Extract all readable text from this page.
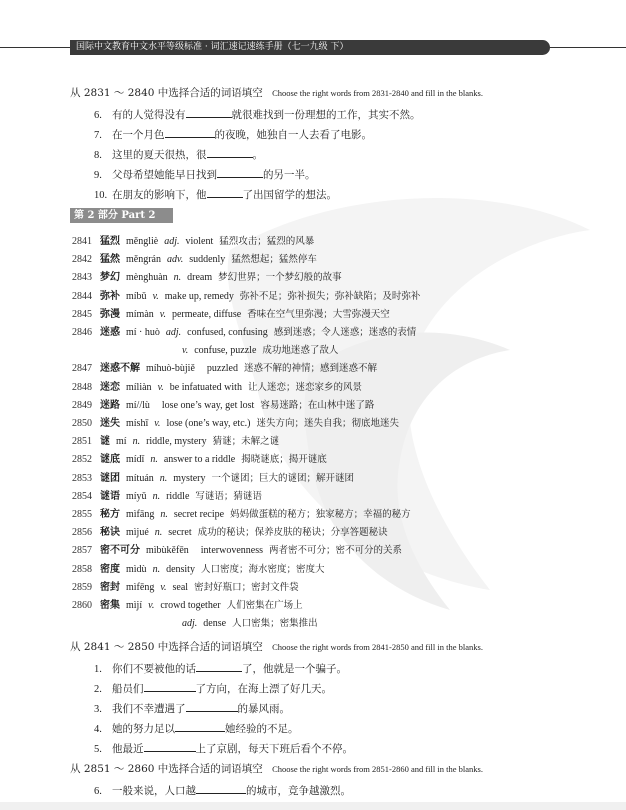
国际中文教育中文水平等级标准 · 词汇速记速练手册（七一九级 下）
从 2831 ～ 2840 中选择合适的词语填空 Choose the right words from 2831-2840 and fill in the blanks.
6. 有的人觉得没有	就很难找到一份理想的工作，其实不然。
7. 在一个月色	的夜晚，她独自一人去看了电影。
8. 这里的夏天很热，很	。
9. 父母希望她能早日找到	的另一半。
10. 在朋友的影响下，他	了出国留学的想法。
第 2 部分 Part 2
2841 猛烈 měngliè adj. violent 猛烈攻击；猛烈的风暴
2842 猛然 měngrán adv. suddenly 猛然想起；猛然停车
2843 梦幻 mènghuàn n. dream 梦幻世界；一个梦幻般的故事
2844 弥补 míbǔ v. make up, remedy 弥补不足；弥补损失；弥补缺陷；及时弥补
2845 弥漫 mímàn v. permeate, diffuse 香味在空气里弥漫；大雪弥漫天空
2846 迷惑 mí · huò adj. confused, confusing 感到迷惑；令人迷惑；迷惑的表情
v. confuse, puzzle 成功地迷惑了敌人
2847 迷惑不解 míhuò-bùjiě puzzled 迷惑不解的神情；感到迷惑不解
2848 迷恋 míliàn v. be infatuated with 让人迷恋；迷恋家乡的风景
2849 迷路 mí//lù lose one’s way, get lost 容易迷路；在山林中迷了路
2850 迷失 míshī v. lose (one’s way, etc.) 迷失方向；迷失自我；彻底地迷失
2851 谜 mí n. riddle, mystery 猜谜；未解之谜
2852 谜底 mídǐ n. answer to a riddle 揭晓谜底；揭开谜底
2853 谜团 mítuán n. mystery 一个谜团；巨大的谜团；解开谜团
2854 谜语 míyǔ n. riddle 写谜语；猜谜语
2855 秘方 mìfāng n. secret recipe 妈妈做蛋糕的秘方；独家秘方；幸福的秘方
2856 秘诀 mìjué n. secret 成功的秘诀；保养皮肤的秘诀；分享答题秘诀
2857 密不可分 mìbùkěfēn interwovenness 两者密不可分；密不可分的关系
2858 密度 mìdù n. density 人口密度；海水密度；密度大
2859 密封 mìfēng v. seal 密封好瓶口；密封文件袋
2860 密集 mìjí v. crowd together 人们密集在广场上
adj. dense 人口密集；密集推出
从 2841 ～ 2850 中选择合适的词语填空 Choose the right words from 2841-2850 and fill in the blanks.
1. 你们不要被他的话	了，他就是一个骗子。
2. 船员们	了方向，在海上漂了好几天。
3. 我们不幸遭遇了	的暴风雨。
4. 她的努力足以	她经验的不足。
5. 他最近	上了京剧，每天下班后看个不停。
从 2851 ～ 2860 中选择合适的词语填空 Choose the right words from 2851-2860 and fill in the blanks.
6. 一般来说，人口越	的城市，竞争越激烈。
